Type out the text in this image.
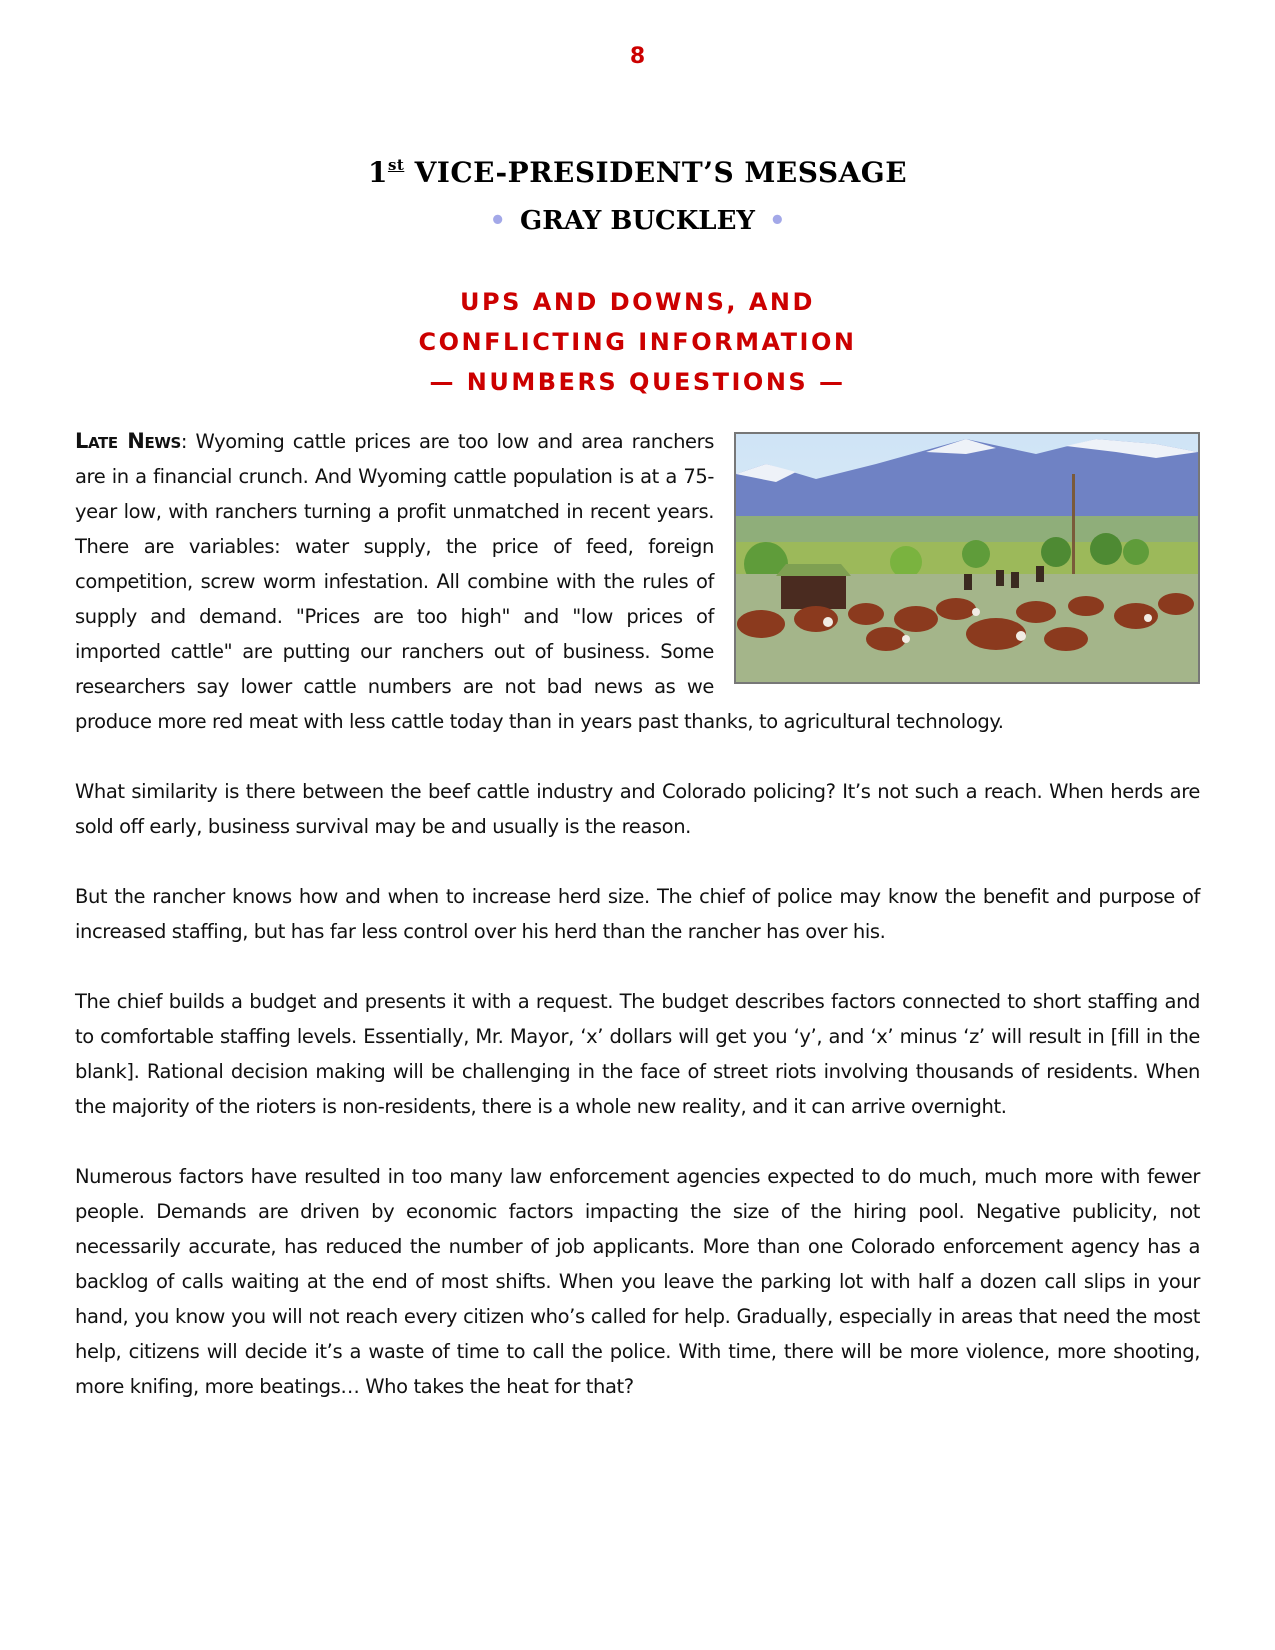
8
1st VICE-PRESIDENT’S MESSAGE
• GRAY BUCKLEY •
UPS AND DOWNS, AND
CONFLICTING INFORMATION
— NUMBERS QUESTIONS —

Late News: Wyoming cattle prices are too low and area ranchers are in a financial crunch. And Wyoming cattle population is at a 75-year low, with ranchers turning a profit unmatched in recent years. There are variables: water supply, the price of feed, foreign competition, screw worm infestation. All combine with the rules of supply and demand. "Prices are too high" and "low prices of imported cattle" are putting our ranchers out of business. Some researchers say lower cattle numbers are not bad news as we produce more red meat with less cattle today than in years past thanks, to agricultural technology.

What similarity is there between the beef cattle industry and Colorado policing? It’s not such a reach. When herds are sold off early, business survival may be and usually is the reason.

But the rancher knows how and when to increase herd size. The chief of police may know the benefit and purpose of increased staffing, but has far less control over his herd than the rancher has over his.

The chief builds a budget and presents it with a request. The budget describes factors connected to short staffing and to comfortable staffing levels. Essentially, Mr. Mayor, ‘x’ dollars will get you ‘y’, and ‘x’ minus ‘z’ will result in [fill in the blank]. Rational decision making will be challenging in the face of street riots involving thousands of residents. When the majority of the rioters is non-residents, there is a whole new reality, and it can arrive overnight.

Numerous factors have resulted in too many law enforcement agencies expected to do much, much more with fewer people. Demands are driven by economic factors impacting the size of the hiring pool. Negative publicity, not necessarily accurate, has reduced the number of job applicants. More than one Colorado enforcement agency has a backlog of calls waiting at the end of most shifts. When you leave the parking lot with half a dozen call slips in your hand, you know you will not reach every citizen who’s called for help. Gradually, especially in areas that need the most help, citizens will decide it’s a waste of time to call the police. With time, there will be more violence, more shooting, more knifing, more beatings… Who takes the heat for that?
